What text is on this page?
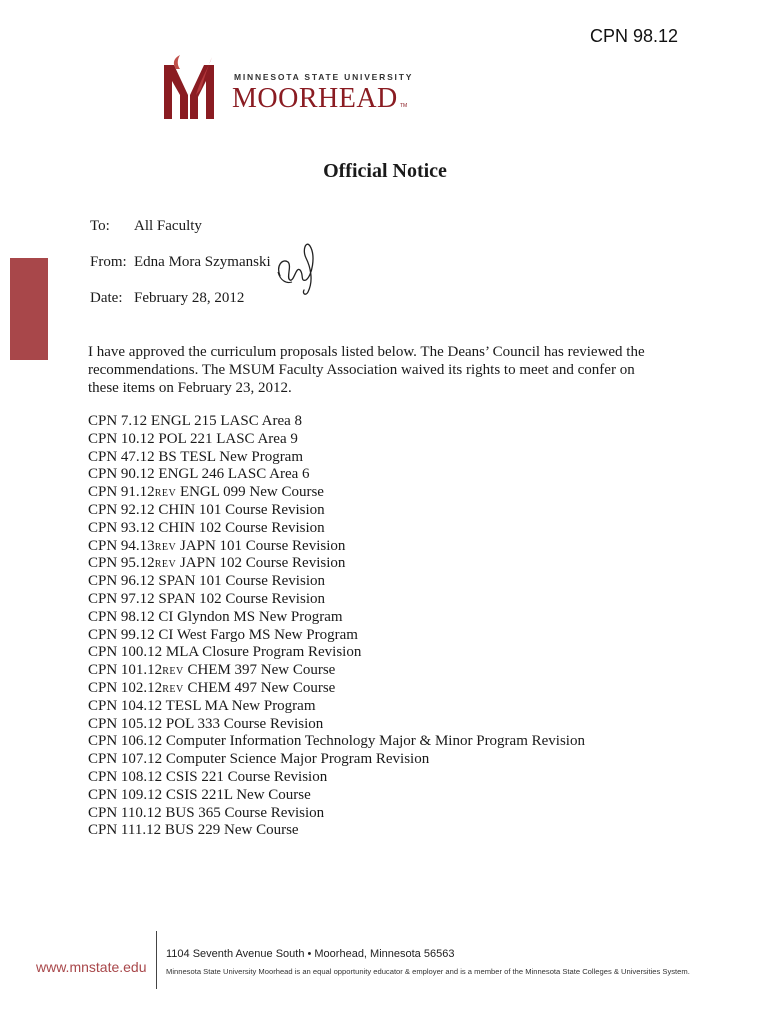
CPN 98.12
MINNESOTA STATE UNIVERSITY
MOORHEAD TM
Official Notice
To: All Faculty
From: Edna Mora Szymanski
Date: February 28, 2012
I have approved the curriculum proposals listed below. The Deans’ Council has reviewed the recommendations. The MSUM Faculty Association waived its rights to meet and confer on these items on February 23, 2012.
CPN 7.12 ENGL 215 LASC Area 8
CPN 10.12 POL 221 LASC Area 9
CPN 47.12 BS TESL New Program
CPN 90.12 ENGL 246 LASC Area 6
CPN 91.12REV ENGL 099 New Course
CPN 92.12 CHIN 101 Course Revision
CPN 93.12 CHIN 102 Course Revision
CPN 94.13REV JAPN 101 Course Revision
CPN 95.12REV JAPN 102 Course Revision
CPN 96.12 SPAN 101 Course Revision
CPN 97.12 SPAN 102 Course Revision
CPN 98.12 CI Glyndon MS New Program
CPN 99.12 CI West Fargo MS New Program
CPN 100.12 MLA Closure Program Revision
CPN 101.12REV CHEM 397 New Course
CPN 102.12REV CHEM 497 New Course
CPN 104.12 TESL MA New Program
CPN 105.12 POL 333 Course Revision
CPN 106.12 Computer Information Technology Major & Minor Program Revision
CPN 107.12 Computer Science Major Program Revision
CPN 108.12 CSIS 221 Course Revision
CPN 109.12 CSIS 221L New Course
CPN 110.12 BUS 365 Course Revision
CPN 111.12 BUS 229 New Course
www.mnstate.edu
1104 Seventh Avenue South • Moorhead, Minnesota 56563
Minnesota State University Moorhead is an equal opportunity educator & employer and is a member of the Minnesota State Colleges & Universities System.
